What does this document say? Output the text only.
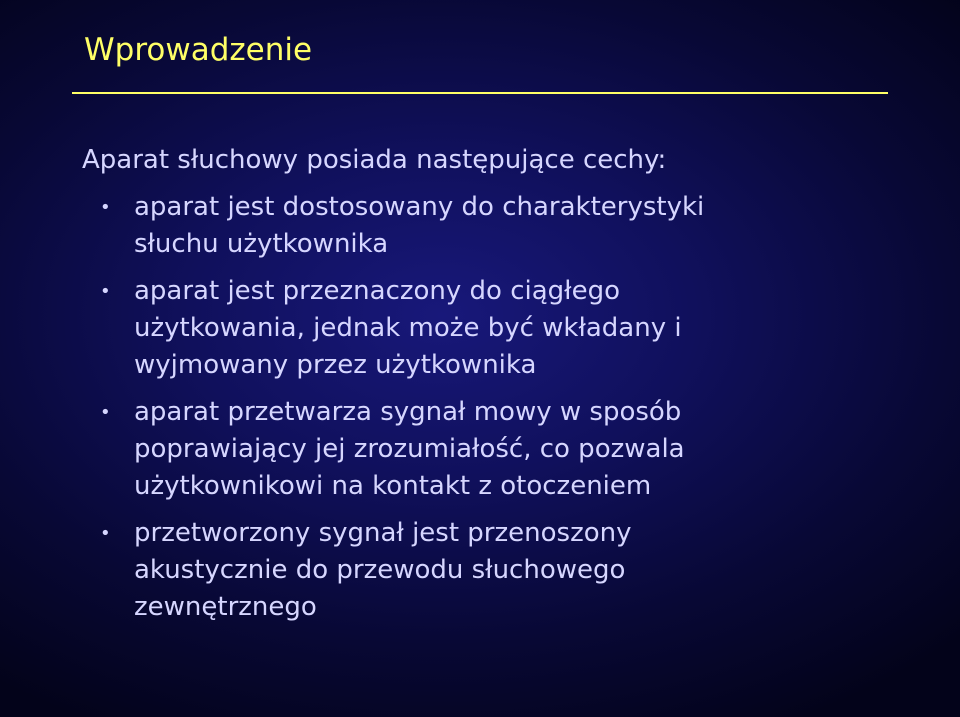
Wprowadzenie

Aparat słuchowy posiada następujące cechy:

• aparat jest dostosowany do charakterystyki
słuchu użytkownika
• aparat jest przeznaczony do ciągłego
użytkowania, jednak może być wkładany i
wyjmowany przez użytkownika
• aparat przetwarza sygnał mowy w sposób
poprawiający jej zrozumiałość, co pozwala
użytkownikowi na kontakt z otoczeniem
• przetworzony sygnał jest przenoszony
akustycznie do przewodu słuchowego
zewnętrznego
